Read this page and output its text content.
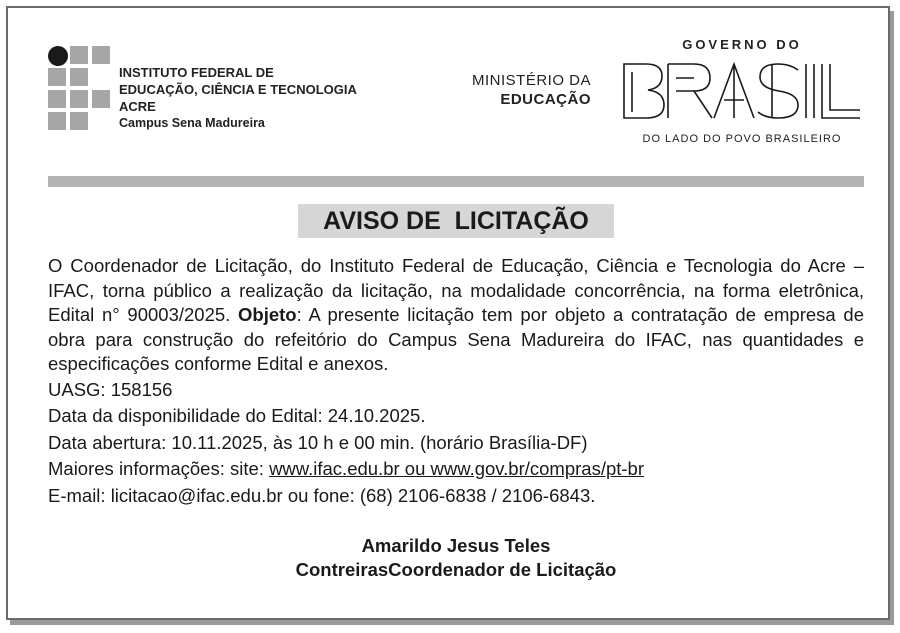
INSTITUTO FEDERAL DE
EDUCAÇÃO, CIÊNCIA E TECNOLOGIA
ACRE
Campus Sena Madureira
MINISTÉRIO DA
EDUCAÇÃO
GOVERNO DO
DO LADO DO POVO BRASILEIRO
AVISO DE  LICITAÇÃO

O Coordenador de Licitação, do Instituto Federal de Educação, Ciência e Tecnologia do Acre – IFAC, torna público a realização da licitação, na modalidade concorrência, na forma eletrônica, Edital n° 90003/2025. Objeto: A presente licitação tem por objeto a contratação de empresa de obra para construção do refeitório do Campus Sena Madureira do IFAC, nas quantidades e especificações conforme Edital e anexos.

UASG: 158156
Data da disponibilidade do Edital: 24.10.2025.
Data abertura: 10.11.2025, às 10 h e 00 min. (horário Brasília-DF)
Maiores informações: site: www.ifac.edu.br ou www.gov.br/compras/pt-br
E-mail: licitacao@ifac.edu.br ou fone: (68) 2106-6838 / 2106-6843.
Amarildo Jesus Teles
ContreirasCoordenador de Licitação
